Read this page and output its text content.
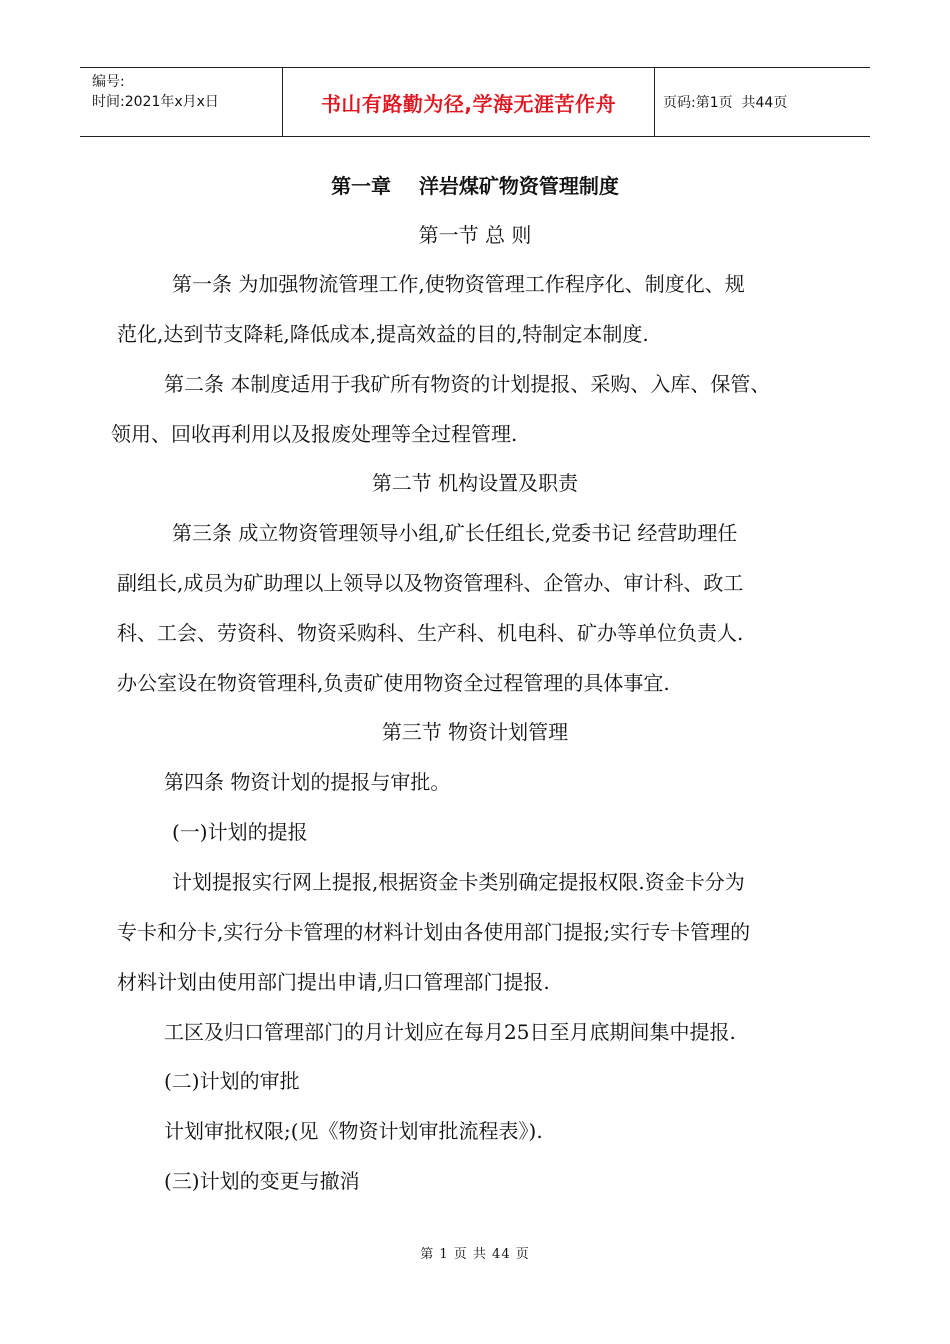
编号:
时间:2021年x月x日	书山有路勤为径,学海无涯苦作舟	页码:第1页  共44页
第一章    洋岩煤矿物资管理制度
第一节 总 则
第一条 为加强物流管理工作,使物资管理工作程序化、制度化、规
范化,达到节支降耗,降低成本,提高效益的目的,特制定本制度.
第二条 本制度适用于我矿所有物资的计划提报、采购、入库、保管、
领用、回收再利用以及报废处理等全过程管理.
第二节 机构设置及职责
第三条 成立物资管理领导小组,矿长任组长,党委书记 经营助理任
副组长,成员为矿助理以上领导以及物资管理科、企管办、审计科、政工
科、工会、劳资科、物资采购科、生产科、机电科、矿办等单位负责人.
办公室设在物资管理科,负责矿使用物资全过程管理的具体事宜.
第三节 物资计划管理
第四条 物资计划的提报与审批。
(一)计划的提报
计划提报实行网上提报,根据资金卡类别确定提报权限.资金卡分为
专卡和分卡,实行分卡管理的材料计划由各使用部门提报;实行专卡管理的
材料计划由使用部门提出申请,归口管理部门提报.
工区及归口管理部门的月计划应在每月25日至月底期间集中提报.
(二)计划的审批
计划审批权限;(见《物资计划审批流程表》).
(三)计划的变更与撤消
第 1 页 共 44 页
